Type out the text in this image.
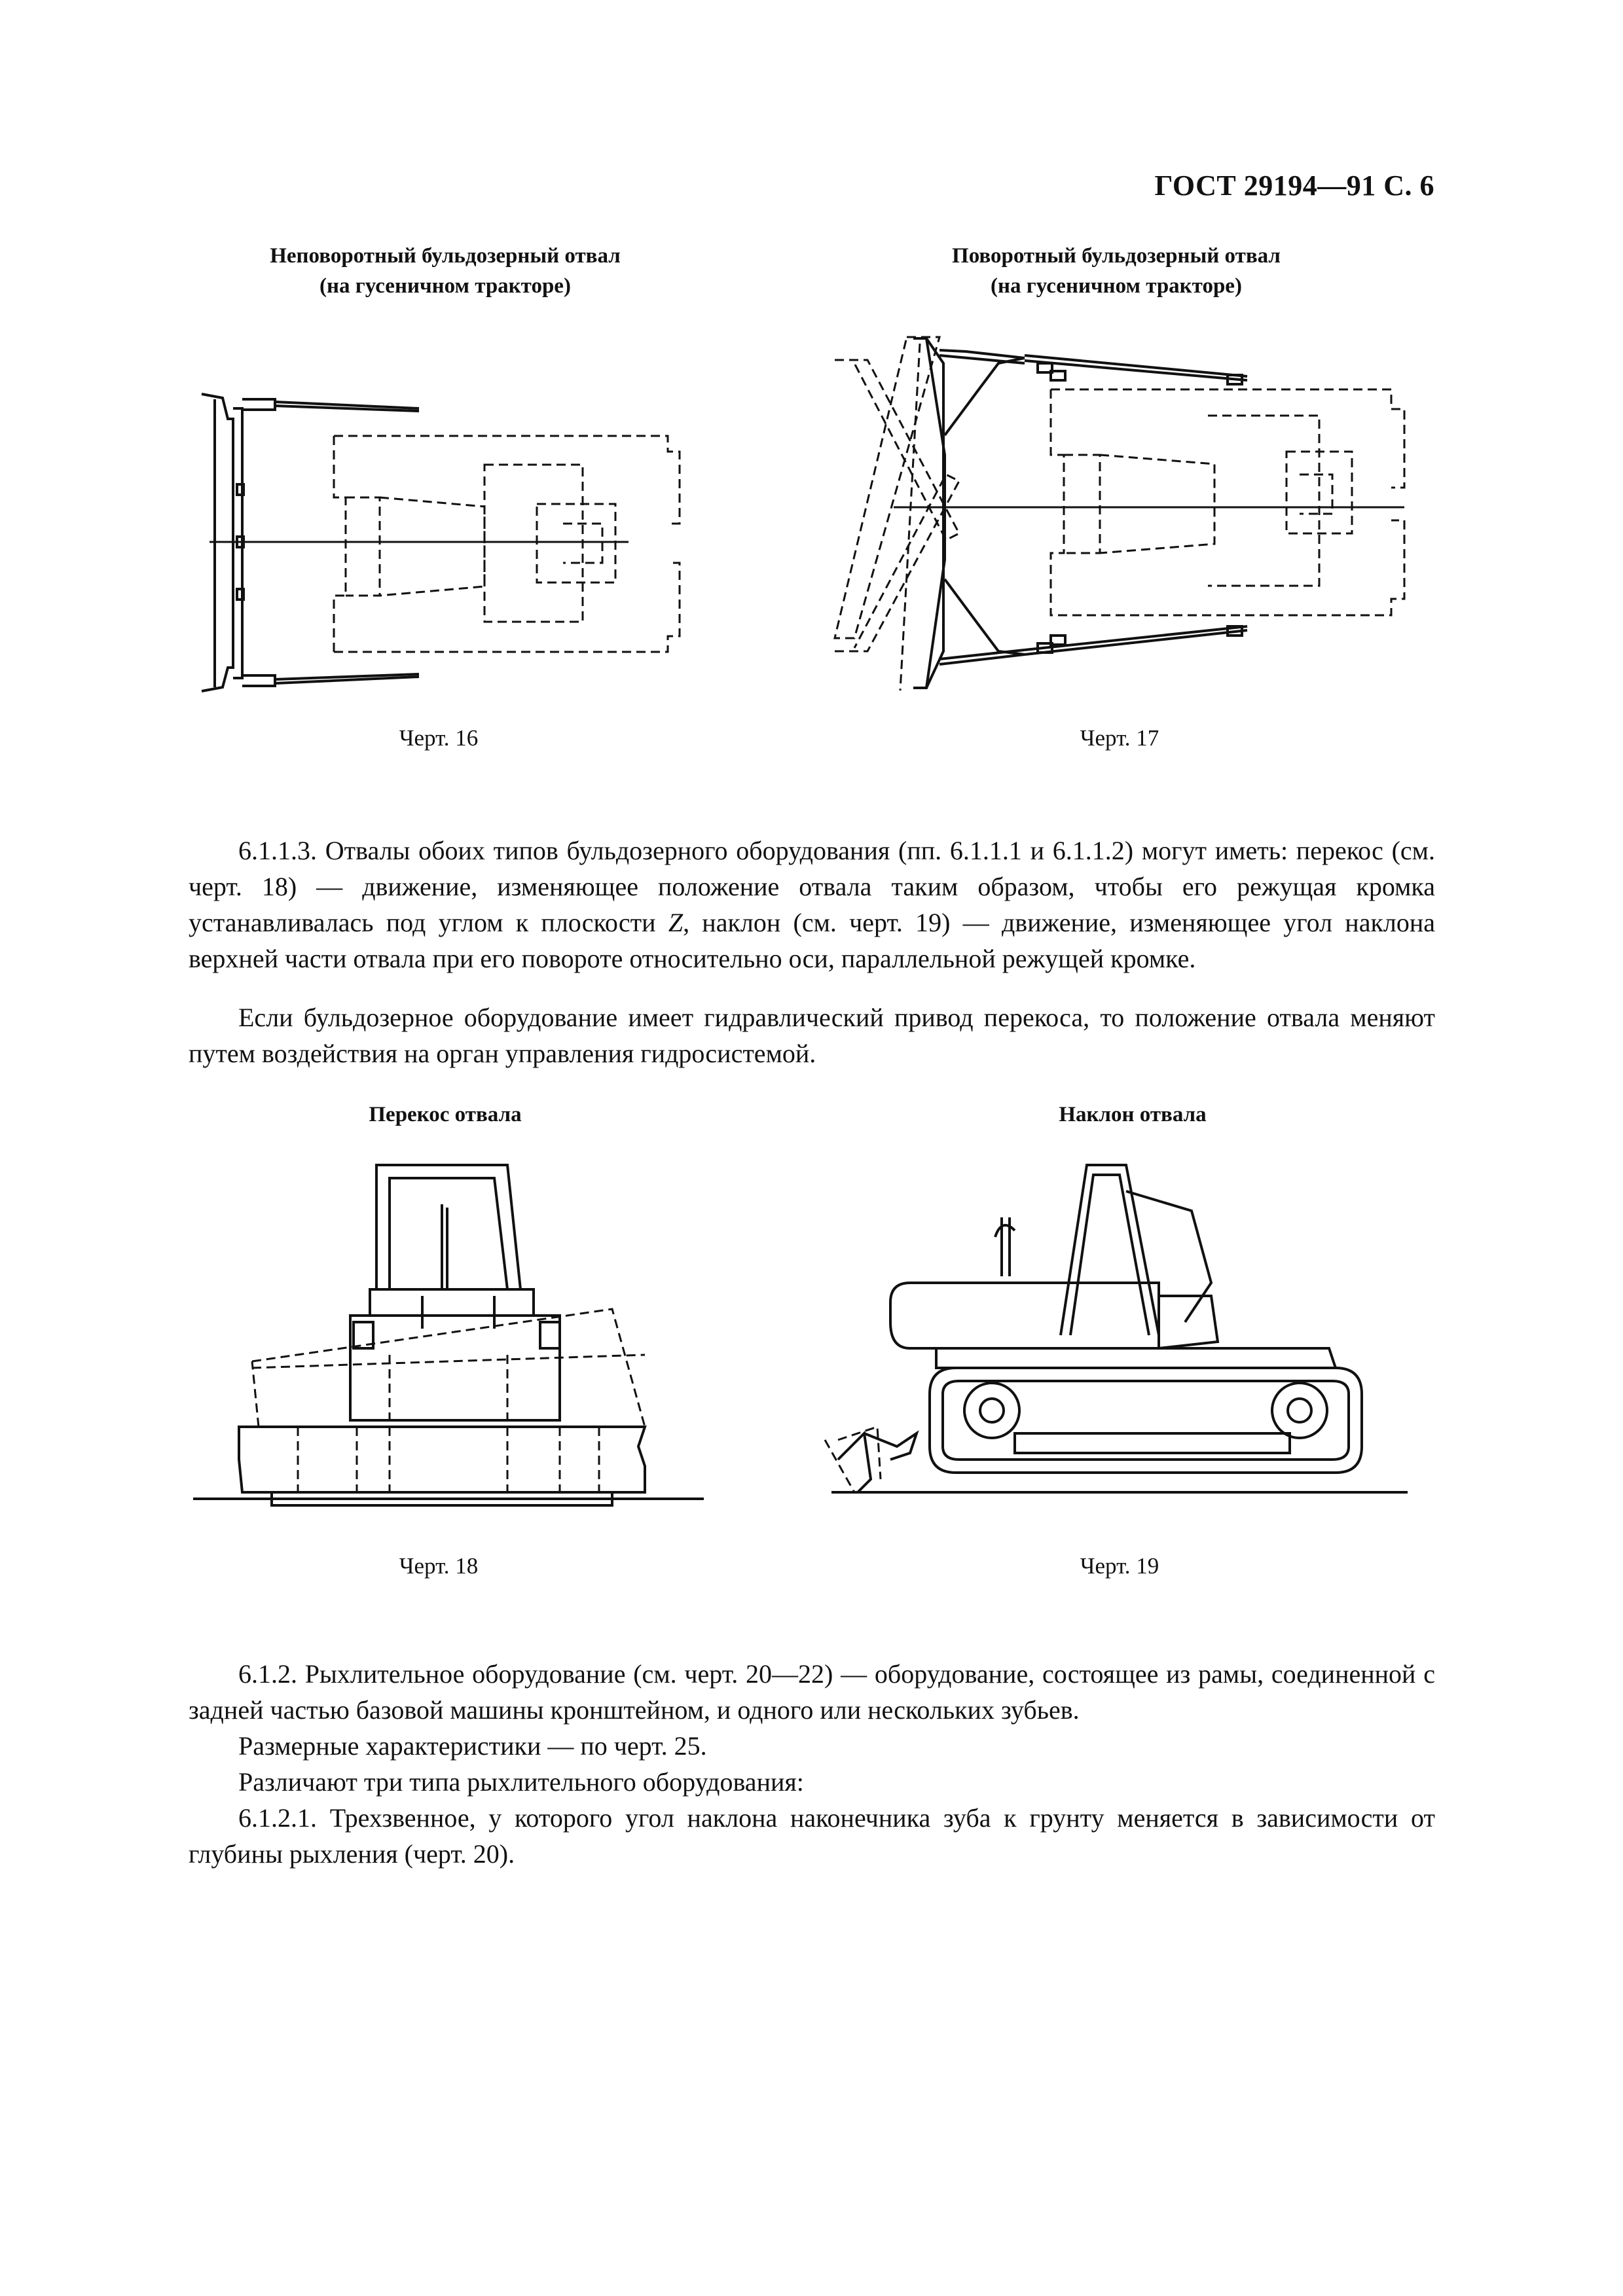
ГОСТ 29194—91 С. 6
Неповоротный бульдозерный отвал
(на гусеничном тракторе)
Черт. 16
Поворотный бульдозерный отвал
(на гусеничном тракторе)
Черт. 17

6.1.1.3. Отвалы обоих типов бульдозерного оборудования (пп. 6.1.1.1 и 6.1.1.2) могут иметь: перекос (см. черт. 18) — движение, изменяющее положение отвала таким образом, чтобы его режущая кромка устанавливалась под углом к плоскости Z, наклон (см. черт. 19) — движение, изменяющее угол наклона верхней части отвала при его повороте относительно оси, параллельной режущей кромке.

Если бульдозерное оборудование имеет гидравлический привод перекоса, то положение отвала меняют путем воздействия на орган управления гидросистемой.

Перекос отвала
Черт. 18
Наклон отвала
Черт. 19

6.1.2. Рыхлительное оборудование (см. черт. 20—22) — оборудование, состоящее из рамы, соединенной с задней частью базовой машины кронштейном, и одного или нескольких зубьев.

Размерные характеристики — по черт. 25.

Различают три типа рыхлительного оборудования:

6.1.2.1. Трехзвенное, у которого угол наклона наконечника зуба к грунту меняется в зависимости от глубины рыхления (черт. 20).
